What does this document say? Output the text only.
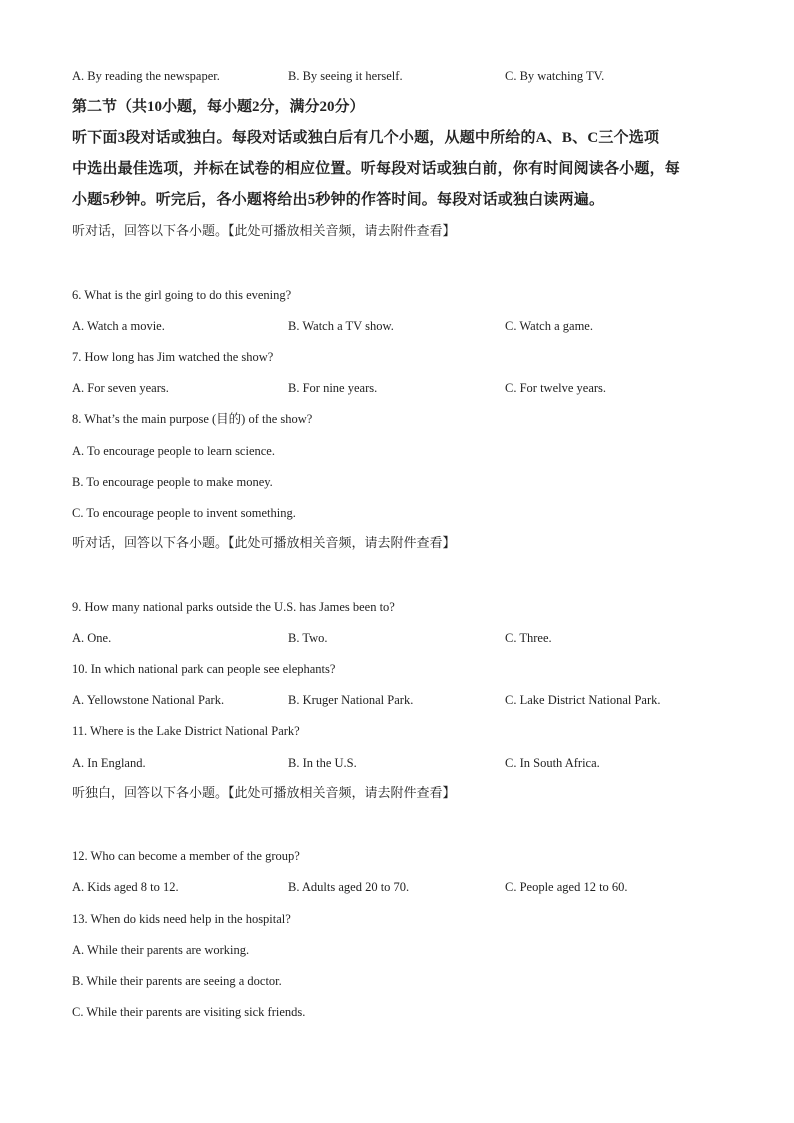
A. By reading the newspaper.	B. By seeing it herself.	C. By watching TV.
第二节（共10小题，每小题2分，满分20分）
听下面3段对话或独白。每段对话或独白后有几个小题，从题中所给的A、B、C三个选项
中选出最佳选项，并标在试卷的相应位置。听每段对话或独白前，你有时间阅读各小题，每
小题5秒钟。听完后，各小题将给出5秒钟的作答时间。每段对话或独白读两遍。
听对话，回答以下各小题。【此处可播放相关音频，请去附件查看】
6. What is the girl going to do this evening?
A. Watch a movie.	B. Watch a TV show.	C. Watch a game.
7. How long has Jim watched the show?
A. For seven years.	B. For nine years.	C. For twelve years.
8. What’s the main purpose (目的) of the show?
A. To encourage people to learn science.
B. To encourage people to make money.
C. To encourage people to invent something.
听对话，回答以下各小题。【此处可播放相关音频，请去附件查看】
9. How many national parks outside the U.S. has James been to?
A. One.	B. Two.	C. Three.
10. In which national park can people see elephants?
A. Yellowstone National Park.	B. Kruger National Park.	C. Lake District National Park.
11. Where is the Lake District National Park?
A. In England.	B. In the U.S.	C. In South Africa.
听独白，回答以下各小题。【此处可播放相关音频，请去附件查看】
12. Who can become a member of the group?
A. Kids aged 8 to 12.	B. Adults aged 20 to 70.	C. People aged 12 to 60.
13. When do kids need help in the hospital?
A. While their parents are working.
B. While their parents are seeing a doctor.
C. While their parents are visiting sick friends.
